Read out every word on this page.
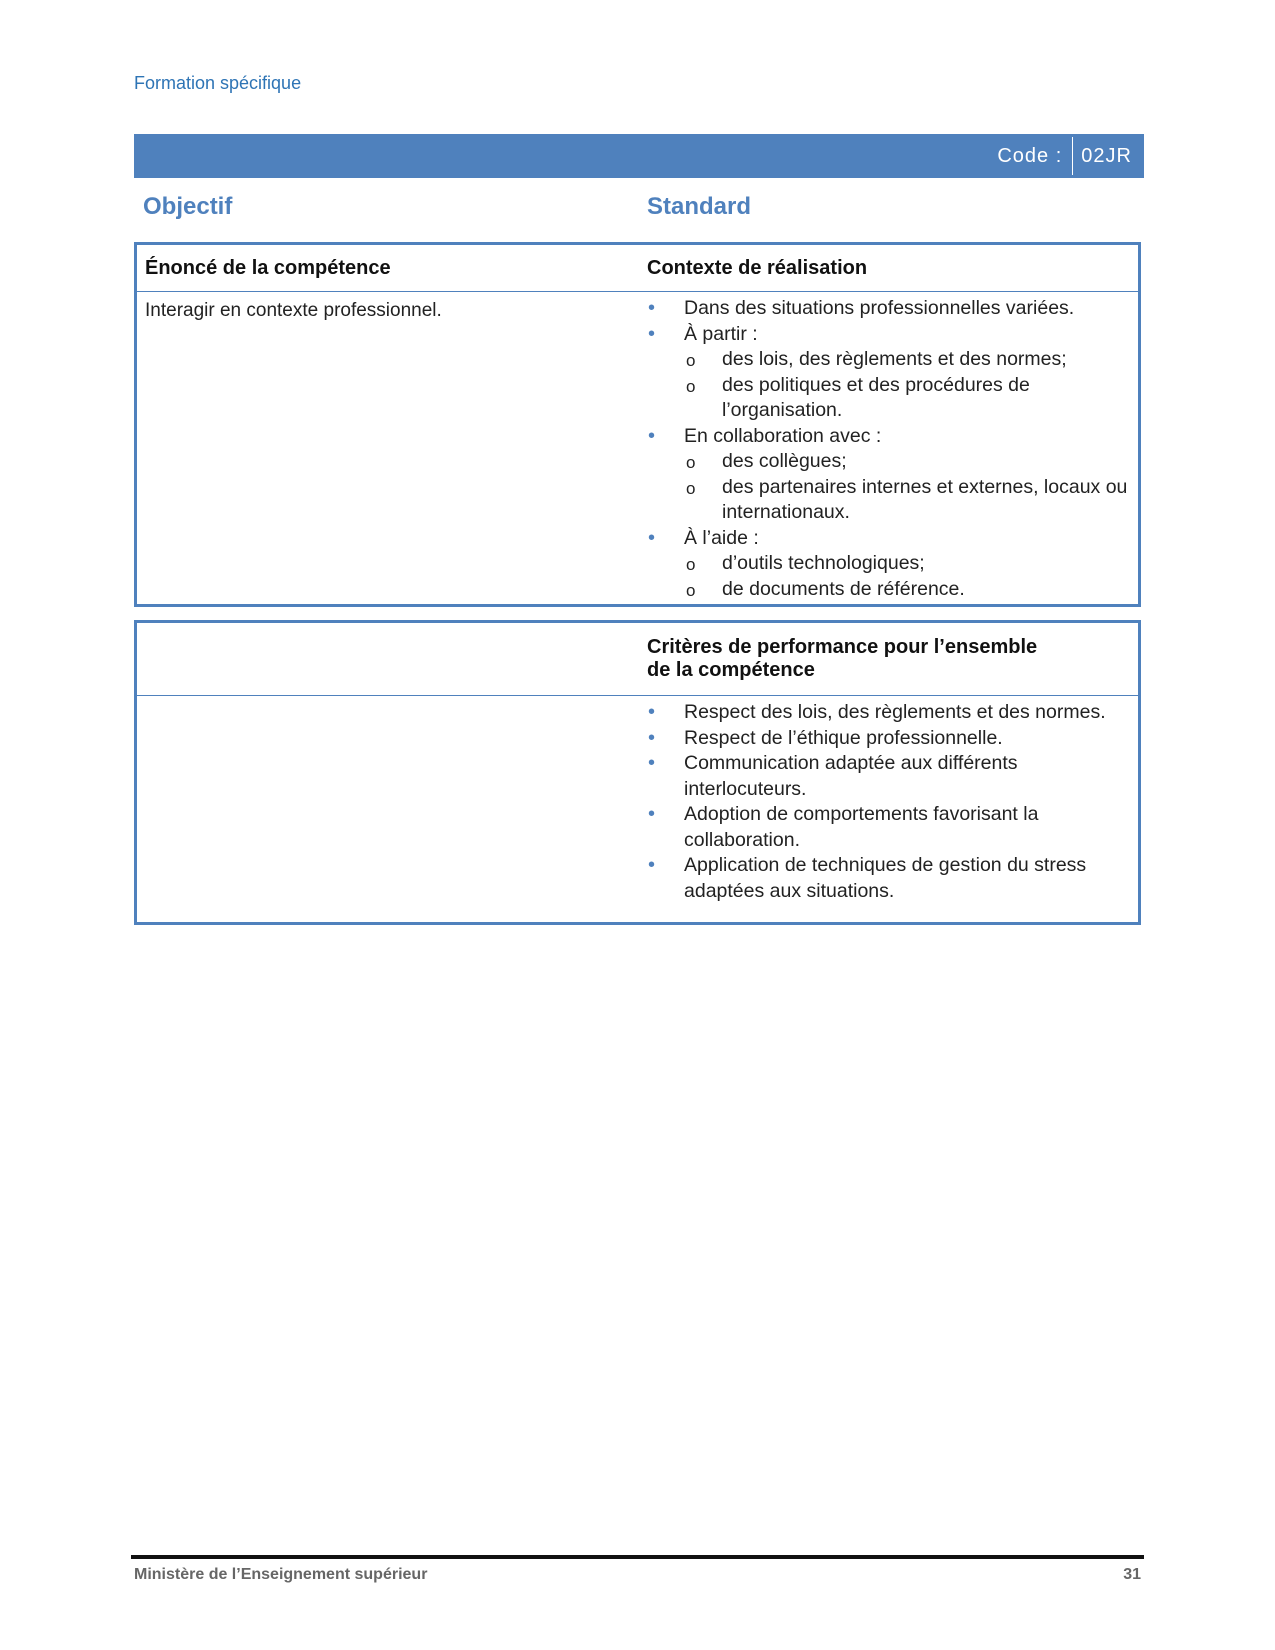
Formation spécifique
Code : 02JR
Objectif	Standard
Énoncé de la compétence	Contexte de réalisation
Interagir en contexte professionnel.
•	Dans des situations professionnelles variées.
• À partir :
o des lois, des règlements et des normes;
o des politiques et des procédures de l’organisation.
• En collaboration avec :
o des collègues;
o des partenaires internes et externes, locaux ou internationaux.
• À l’aide :
o d’outils technologiques;
o de documents de référence.
Critères de performance pour l’ensemble
de la compétence
• Respect des lois, des règlements et des normes.
• Respect de l’éthique professionnelle.
• Communication adaptée aux différents interlocuteurs.
• Adoption de comportements favorisant la collaboration.
• Application de techniques de gestion du stress adaptées aux situations.
Ministère de l’Enseignement supérieur	31
